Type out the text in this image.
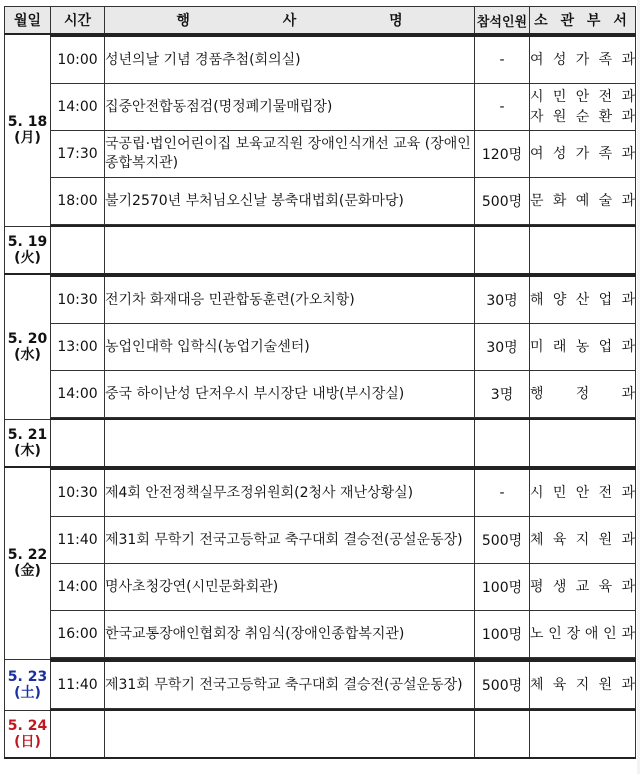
월일	시간	행 사 명	참석인원	소 관 부 서

5. 18
(月)				

	10:00	성년의날 기념 경품추첨(회의실)	-	여 성 가 족 과

	14:00	집중안전합동점검(명정폐기물매립장)	-	시 민 안 전 과
자 원 순 환 과

	17:30	국공립·법인어린이집 보육교직원 장애인식개선 교육 (장애인종합복지관)	120명	여 성 가 족 과

	18:00	불기2570년 부처님오신날 봉축대법회(문화마당)	500명	문 화 예 술 과

5. 19
(火)				

5. 20
(水)				

	10:30	전기차 화재대응 민관합동훈련(가오치항)	30명	해 양 산 업 과

	13:00	농업인대학 입학식(농업기술센터)	30명	미 래 농 업 과

	14:00	중국 하이난성 단저우시 부시장단 내방(부시장실)	3명	행 정 과

5. 21
(木)				

5. 22
(金)				

	10:30	제4회 안전정책실무조정위원회(2청사 재난상황실)	-	시 민 안 전 과

	11:40	제31회 무학기 전국고등학교 축구대회 결승전(공설운동장)	500명	체 육 지 원 과

	14:00	명사초청강연(시민문화회관)	100명	평 생 교 육 과

	16:00	한국교통장애인협회장 취임식(장애인종합복지관)	100명	노 인 장 애 인 과

5. 23
(土)				

	11:40	제31회 무학기 전국고등학교 축구대회 결승전(공설운동장)	500명	체 육 지 원 과

5. 24
(日)				
